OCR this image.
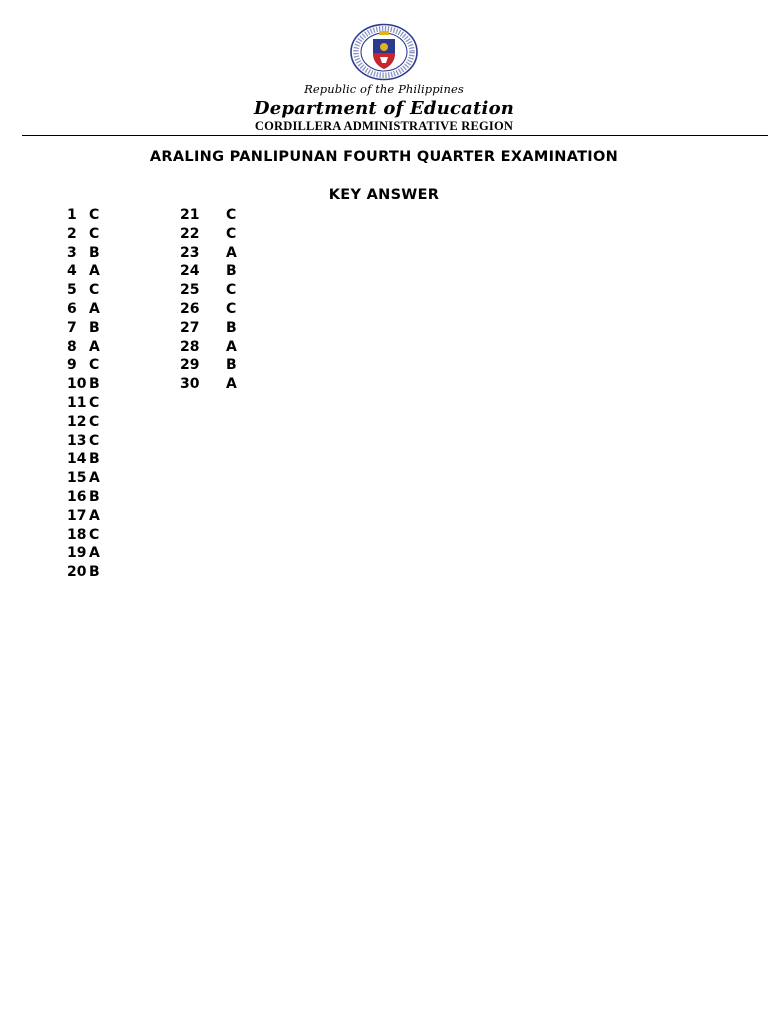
Republic of the Philippines
Department of Education
CORDILLERA ADMINISTRATIVE REGION
ARALING PANLIPUNAN FOURTH QUARTER EXAMINATION
KEY ANSWER
1 C
2 C
3 B
4 A
5 C
6 A
7 B
8 A
9 C
10 B
11 C
12 C
13 C
14 B
15 A
16 B
17 A
18 C
19 A
20 B
21 C
22 C
23 A
24 B
25 C
26 C
27 B
28 A
29 B
30 A
